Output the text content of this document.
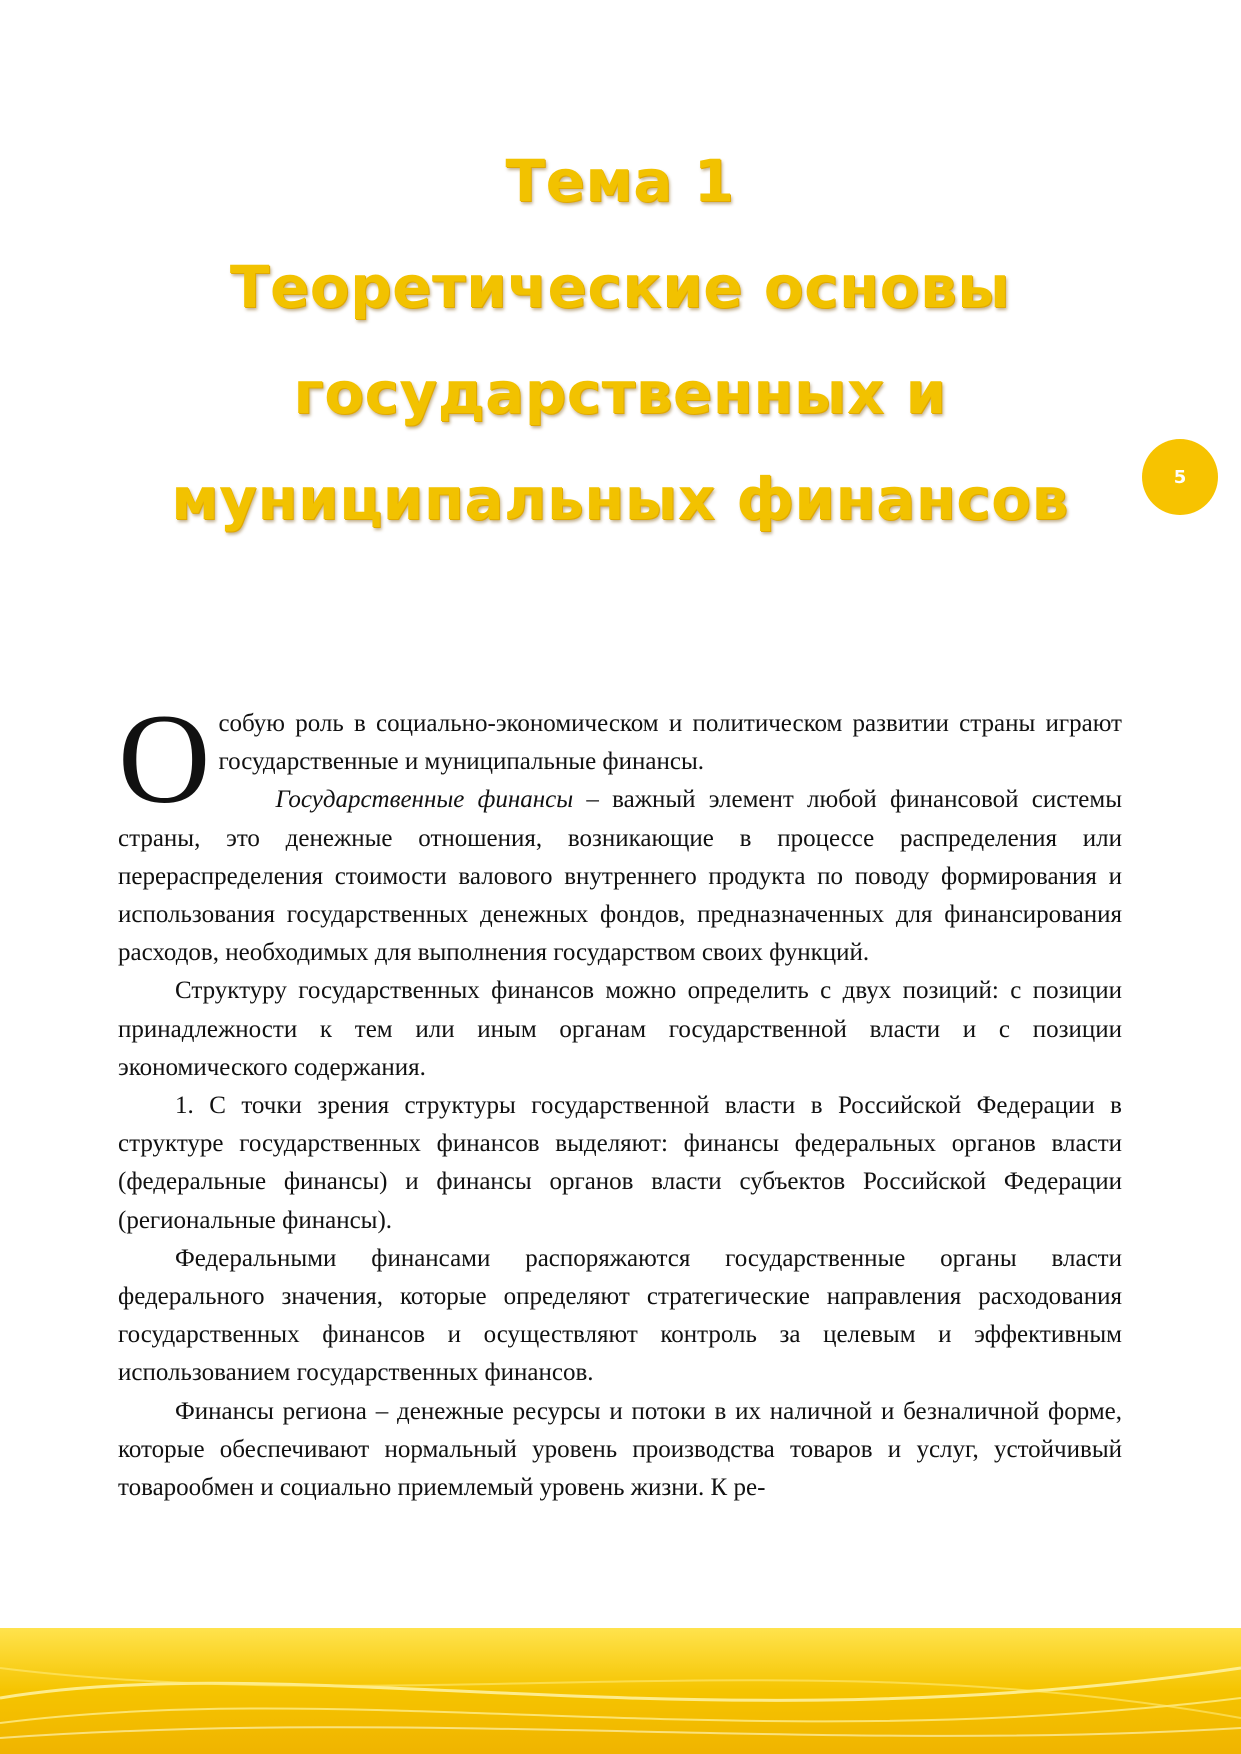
Тема 1
Теоретические основы
государственных и
муниципальных финансов	5

Особую роль в социально-экономическом и политическом развитии страны играют государственные и муниципальные финансы.

Государственные финансы – важный элемент любой финансовой системы страны, это денежные отношения, возникающие в процессе распределения или перераспределения стоимости валового внутреннего продукта по поводу формирования и использования государственных денежных фондов, предназначенных для финансирования расходов, необходимых для выполнения государством своих функций.

Структуру государственных финансов можно определить с двух позиций: с позиции принадлежности к тем или иным органам государственной власти и с позиции экономического содержания.

1. С точки зрения структуры государственной власти в Российской Федерации в структуре государственных финансов выделяют: финансы федеральных органов власти (федеральные финансы) и финансы органов власти субъектов Российской Федерации (региональные финансы).

Федеральными финансами распоряжаются государственные органы власти федерального значения, которые определяют стратегические направления расходования государственных финансов и осуществляют контроль за целевым и эффективным использованием государственных финансов.

Финансы региона – денежные ресурсы и потоки в их наличной и безналичной форме, которые обеспечивают нормальный уровень производства товаров и услуг, устойчивый товарообмен и социально приемлемый уровень жизни. К ре-
